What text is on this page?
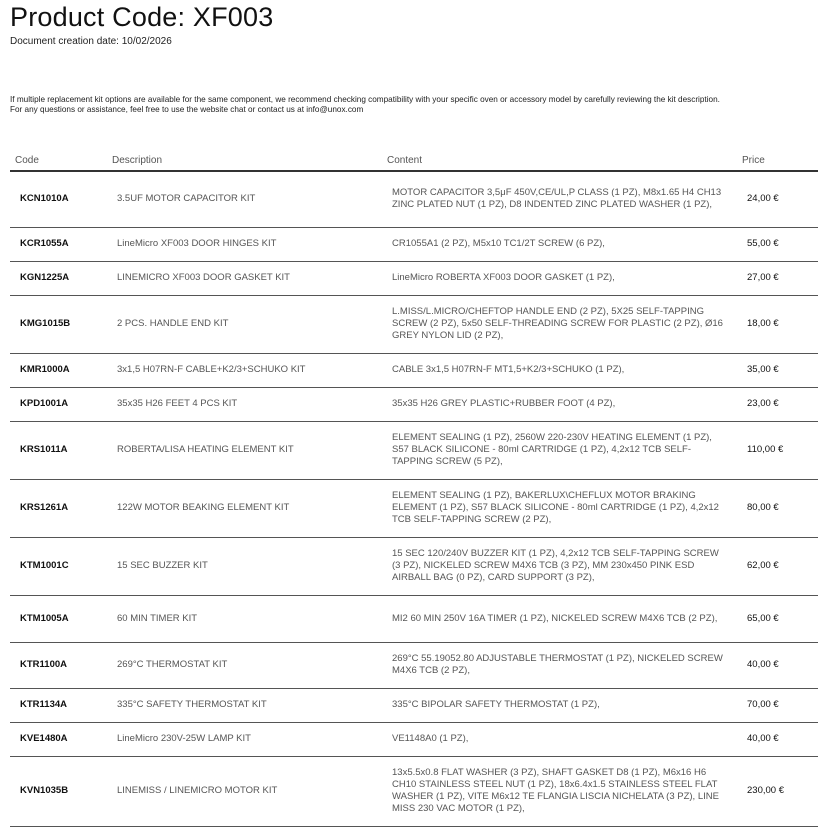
Product Code: XF003
Document creation date: 10/02/2026
If multiple replacement kit options are available for the same component, we recommend checking compatibility with your specific oven or accessory model by carefully reviewing the kit description.
For any questions or assistance, feel free to use the website chat or contact us at info@unox.com
Code	Description	Content	Price
KCN1010A	3.5UF MOTOR CAPACITOR KIT	MOTOR CAPACITOR 3,5μF 450V,CE/UL,P CLASS (1 PZ), M8x1.65 H4 CH13 ZINC PLATED NUT (1 PZ), D8 INDENTED ZINC PLATED WASHER (1 PZ),	24,00 €
KCR1055A	LineMicro XF003 DOOR HINGES KIT	CR1055A1 (2 PZ), M5x10 TC1/2T SCREW (6 PZ),	55,00 €
KGN1225A	LINEMICRO XF003 DOOR GASKET KIT	LineMicro ROBERTA XF003 DOOR GASKET (1 PZ),	27,00 €
KMG1015B	2 PCS. HANDLE END KIT	L.MISS/L.MICRO/CHEFTOP HANDLE END (2 PZ), 5X25 SELF-TAPPING SCREW (2 PZ), 5x50 SELF-THREADING SCREW FOR PLASTIC (2 PZ), Ø16 GREY NYLON LID (2 PZ),	18,00 €
KMR1000A	3x1,5 H07RN-F CABLE+K2/3+SCHUKO KIT	CABLE 3x1,5 H07RN-F MT1,5+K2/3+SCHUKO (1 PZ),	35,00 €
KPD1001A	35x35 H26 FEET 4 PCS KIT	35x35 H26 GREY PLASTIC+RUBBER FOOT (4 PZ),	23,00 €
KRS1011A	ROBERTA/LISA HEATING ELEMENT KIT	ELEMENT SEALING (1 PZ), 2560W 220-230V HEATING ELEMENT (1 PZ), S57 BLACK SILICONE - 80ml CARTRIDGE (1 PZ), 4,2x12 TCB SELF-TAPPING SCREW (5 PZ),	110,00 €
KRS1261A	122W MOTOR BEAKING ELEMENT KIT	ELEMENT SEALING (1 PZ), BAKERLUX\CHEFLUX MOTOR BRAKING ELEMENT (1 PZ), S57 BLACK SILICONE - 80ml CARTRIDGE (1 PZ), 4,2x12 TCB SELF-TAPPING SCREW (2 PZ),	80,00 €
KTM1001C	15 SEC BUZZER KIT	15 SEC 120/240V BUZZER KIT (1 PZ), 4,2x12 TCB SELF-TAPPING SCREW (3 PZ), NICKELED SCREW M4X6 TCB (3 PZ), MM 230x450 PINK ESD AIRBALL BAG (0 PZ), CARD SUPPORT (3 PZ),	62,00 €
KTM1005A	60 MIN TIMER KIT	MI2 60 MIN 250V 16A TIMER (1 PZ), NICKELED SCREW M4X6 TCB (2 PZ),	65,00 €
KTR1100A	269°C THERMOSTAT KIT	269°C 55.19052.80 ADJUSTABLE THERMOSTAT (1 PZ), NICKELED SCREW M4X6 TCB (2 PZ),	40,00 €
KTR1134A	335°C SAFETY THERMOSTAT KIT	335°C BIPOLAR SAFETY THERMOSTAT (1 PZ),	70,00 €
KVE1480A	LineMicro 230V-25W LAMP KIT	VE1148A0 (1 PZ),	40,00 €
KVN1035B	LINEMISS / LINEMICRO MOTOR KIT	13x5.5x0.8 FLAT WASHER (3 PZ), SHAFT GASKET D8 (1 PZ), M6x16 H6 CH10 STAINLESS STEEL NUT (1 PZ), 18x6.4x1.5 STAINLESS STEEL FLAT WASHER (1 PZ), VITE M6x12 TE FLANGIA LISCIA NICHELATA (3 PZ), LINE MISS 230 VAC MOTOR (1 PZ),	230,00 €
